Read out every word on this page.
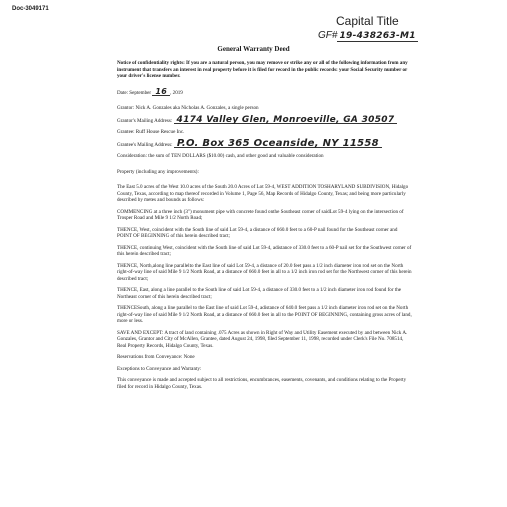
Doc-3049171
Capital Title
GF# 19-438263-M1
General Warranty Deed

Notice of confidentiality rights: If you are a natural person, you may remove or strike any or all of the following information from any instrument that transfers an interest in real property before it is filed for record in the public records: your Social Security number or your driver's license number.

Date: September 16 , 2019

Grantor: Nick A. Gonzales aka Nicholas A. Gonzales, a single person

Grantor's Mailing Address: 4174 Valley Glen, Monroeville, GA 30507

Grantee: Ruff House Rescue Inc.

Grantee's Mailing Address: P.O. Box 365 Oceanside, NY 11558

Consideration: the sum of TEN DOLLARS ($10.00) cash, and other good and valuable consideration

Property (including any improvements):

The East 5.0 acres of the West 10.0 acres of the South 20.0 Acres of Lot 59-4, WEST ADDITION TOSHARYLAND SUBDIVISION, Hidalgo County, Texas, according to map thereof recorded in Volume 1, Page 56, Map Records of Hidalgo County, Texas; and being more particularly described by metes and bounds as follows:

COMMENCING at a three inch (3") monument pipe with concrete found onthe Southeast corner of saidLot 59-4 lying on the intersection of Trosper Road and Mile 9 1/2 North Road;

THENCE, West, coincident with the South line of said Lot 59-4, a distance of 660.0 feet to a 60-P nail found for the Southeast corner and POINT OF BEGINNING of this herein described tract;

THENCE, continuing West, coincident with the South line of said Lot 59-4, adistance of 330.0 feet to a 60-P nail set for the Southwest corner of this herein described tract;

THENCE, North,along line parallelto the East line of said Lot 59-4, a distance of 20.0 feet pass a 1/2 inch diameter iron rod set on the North right-of-way line of said Mile 9 1/2 North Road, at a distance of 660.0 feet in all to a 1/2 inch iron rod set for the Northwest corner of this herein described tract;

THENCE, East, along a line parallel to the South line of said Lot 59-4, a distance of 330.0 feet to a 1/2 inch diameter iron rod found for the Northeast corner of this herein described tract;

THENCESouth, along a line parallel to the East line of said Lot 59-4, adistance of 640.0 feet pass a 1/2 inch diameter iron rod set on the North right-of-way line of said Mile 9 1/2 North Road, at a distance of 660.0 feet in all to the POINT OF BEGINNING, containing gross acres of land, more or less.

SAVE AND EXCEPT: A tract of land containing .075 Acres as shown in Right of Way and Utility Easement executed by and between Nick A. Gonzales, Grantor and City of McAllen, Grantee, dated August 24, 1998, filed September 11, 1998, recorded under Clerk's File No. 708514, Real Property Records, Hidalgo County, Texas.

Reservations from Conveyance: None

Exceptions to Conveyance and Warranty:

This conveyance is made and accepted subject to all restrictions, encumbrances, easements, covenants, and conditions relating to the Property filed for record in Hidalgo County, Texas.
